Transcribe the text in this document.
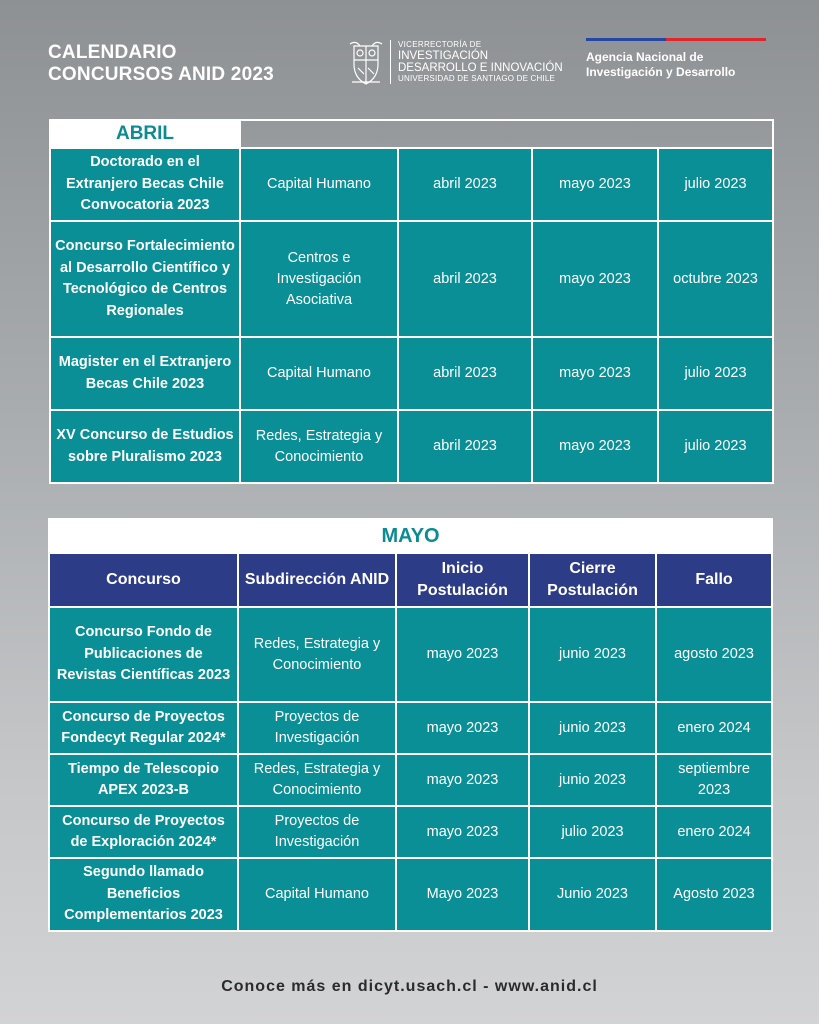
CALENDARIO
CONCURSOS ANID 2023
VICERRECTORÍA DE
INVESTIGACIÓN
DESARROLLO E INNOVACIÓN
UNIVERSIDAD DE SANTIAGO DE CHILE
Agencia Nacional de
Investigación y Desarrollo
ABRIL				
Doctorado en el Extranjero Becas Chile Convocatoria 2023	Capital Humano	abril 2023	mayo 2023	julio 2023
Concurso Fortalecimiento al Desarrollo Científico y Tecnológico de Centros Regionales	Centros e Investigación Asociativa	abril 2023	mayo 2023	octubre 2023
Magister en el Extranjero Becas Chile 2023	Capital Humano	abril 2023	mayo 2023	julio 2023
XV Concurso de Estudios sobre Pluralismo 2023	Redes, Estrategia y Conocimiento	abril 2023	mayo 2023	julio 2023
MAYO				
Concurso	Subdirección ANID	Inicio Postulación	Cierre Postulación	Fallo
Concurso Fondo de Publicaciones de Revistas Científicas 2023	Redes, Estrategia y Conocimiento	mayo 2023	junio 2023	agosto 2023
Concurso de Proyectos Fondecyt Regular 2024*	Proyectos de Investigación	mayo 2023	junio 2023	enero 2024
Tiempo de Telescopio APEX 2023-B	Redes, Estrategia y Conocimiento	mayo 2023	junio 2023	septiembre 2023
Concurso de Proyectos de Exploración 2024*	Proyectos de Investigación	mayo 2023	julio 2023	enero 2024
Segundo llamado Beneficios Complementarios 2023	Capital Humano	Mayo 2023	Junio 2023	Agosto 2023
Conoce más en dicyt.usach.cl - www.anid.cl
